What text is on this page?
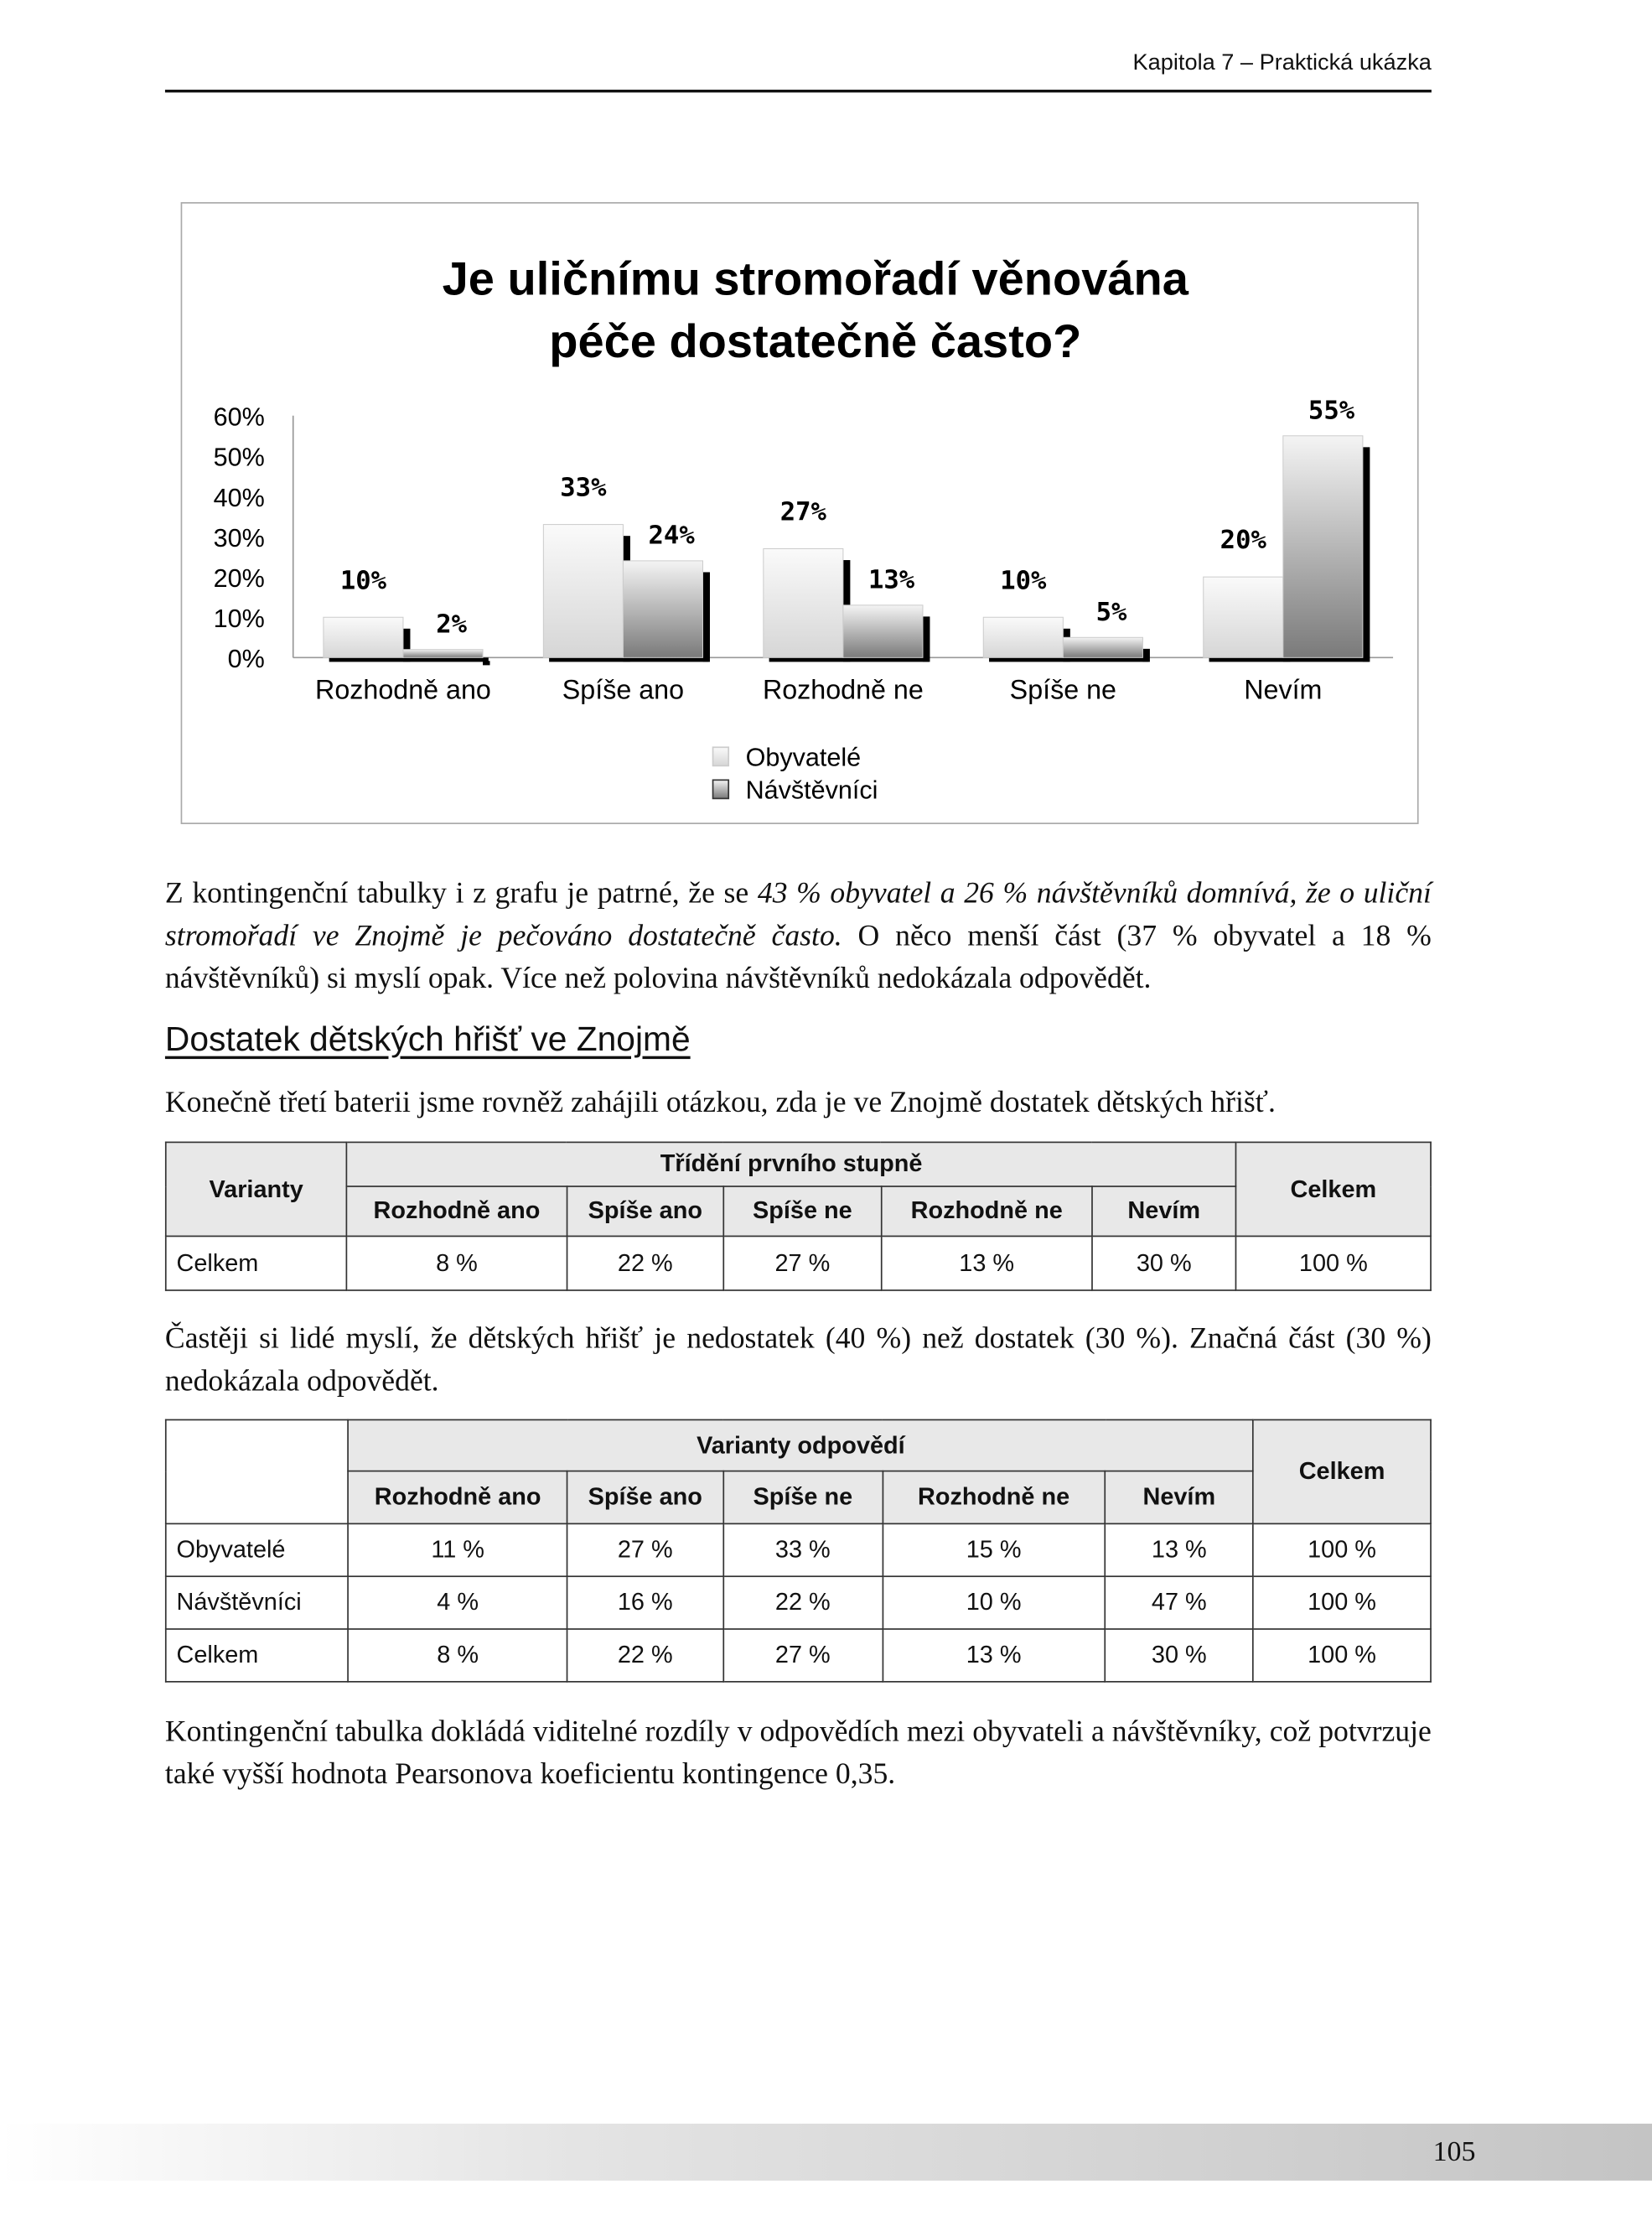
Kapitola 7 – Praktická ukázka
Je uličnímu stromořadí věnována
péče dostatečně často?
0%
10%
20%
30%
40%
50%
60%
Rozhodně ano
10%
2%
Spíše ano
33%
24%
Rozhodně ne
27%
13%
Spíše ne
10%
5%
Nevím
20%
55%
Obyvatelé
Návštěvníci
Z kontingenční tabulky i z grafu je patrné, že se 43 % obyvatel a 26 % návštěvníků domnívá, že o uliční stromořadí ve Znojmě je pečováno dostatečně často. O něco menší část (37 % obyvatel a 18 % návštěvníků) si myslí opak. Více než polovina návštěvníků nedokázala odpovědět.
Dostatek dětských hřišť ve Znojmě
Konečně třetí baterii jsme rovněž zahájili otázkou, zda je ve Znojmě dostatek dětských hřišť.
Varianty	Třídění prvního stupně					Celkem
	Rozhodně ano	Spíše ano	Spíše ne	Rozhodně ne	Nevím	
Celkem	8 %	22 %	27 %	13 %	30 %	100 %
Častěji si lidé myslí, že dětských hřišť je nedostatek (40 %) než dostatek (30 %). Značná část (30 %) nedokázala odpovědět.
	Varianty odpovědí					Celkem
	Rozhodně ano	Spíše ano	Spíše ne	Rozhodně ne	Nevím	
Obyvatelé	11 %	27 %	33 %	15 %	13 %	100 %
Návštěvníci	4 %	16 %	22 %	10 %	47 %	100 %
Celkem	8 %	22 %	27 %	13 %	30 %	100 %
Kontingenční tabulka dokládá viditelné rozdíly v odpovědích mezi obyvateli a návštěvníky, což potvrzuje také vyšší hodnota Pearsonova koeficientu kontingence 0,35.
105
